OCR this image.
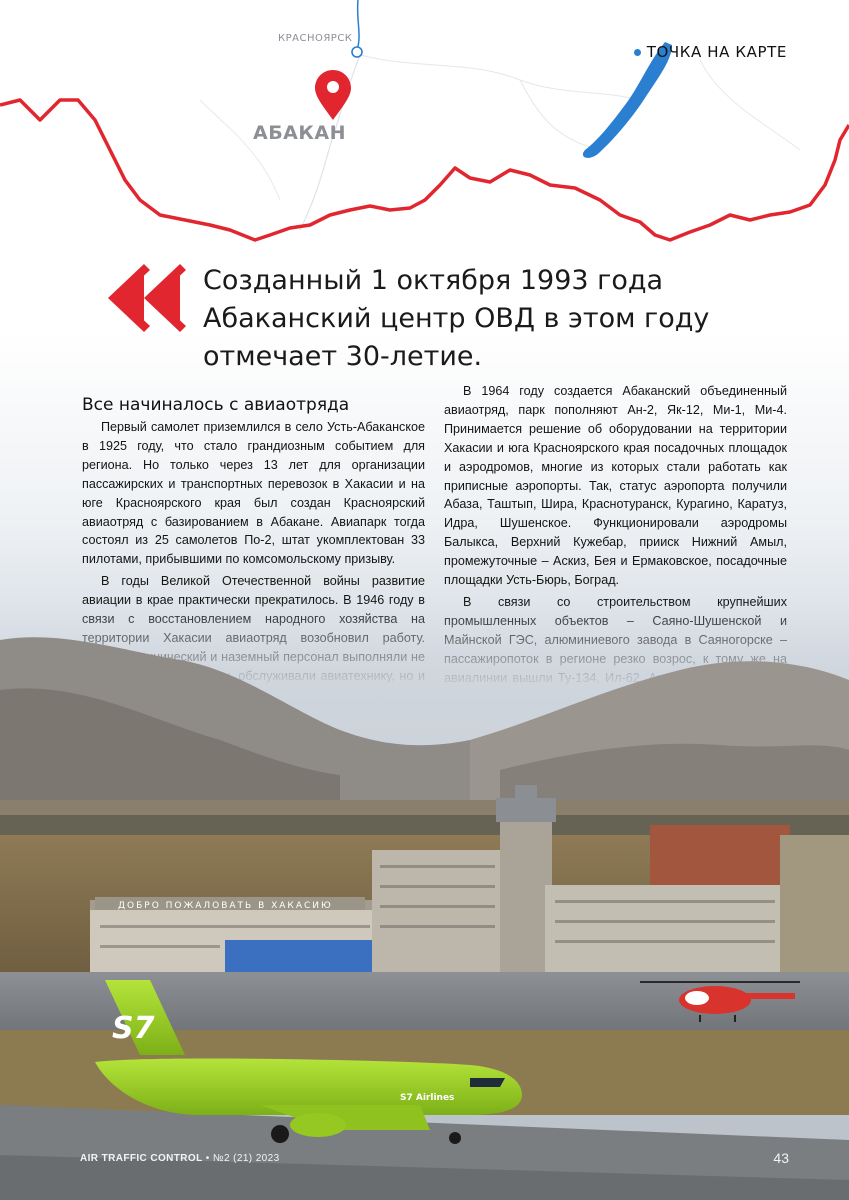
КРАСНОЯРСК
АБАКАН
ТОЧКА НА КАРТЕ
Созданный 1 октября 1993 года Абаканский центр ОВД в этом году отмечает 30-летие.
Все начиналось с авиаотряда

Первый самолет приземлился в село Усть-Абаканское в 1925 году, что стало грандиозным событием для региона. Но только через 13 лет для организации пассажирских и транспортных перевозок в Хакасии и на юге Красноярского края был создан Красноярский авиаотряд с базированием в Абакане. Авиапарк тогда состоял из 25 самолетов По-2, штат укомплектован 33 пилотами, прибывшими по комсомольскому призыву.

В годы Великой Отечественной войны развитие

В 1964 году создается Абаканский объединенный авиаотряд, парк пополняют Ан-2, Як-12, Ми-1, Ми-4. Принимается решение об оборудовании на территории Хакасии и юга Красноярского края посадочных площадок и аэродромов, многие из которых стали работать как приписные аэропорты. Так, статус аэропорта получили Абаза, Таштып, Шира, Краснотуранск, Курагино, Каратуз, Идра, Шушенское. Функционировали аэродромы Балыкса, Верхний Кужебар, прииск Нижний Амыл, промежуточные – Аскиз, Бея и Ермаковское, посадочные площадки Усть-Бюрь, Боград.

ДОБРО ПОЖАЛОВАТЬ В ХАКАСИЮ
S7
S7 Airlines
AIR TRAFFIC CONTROL • №2 (21) 2023	43
